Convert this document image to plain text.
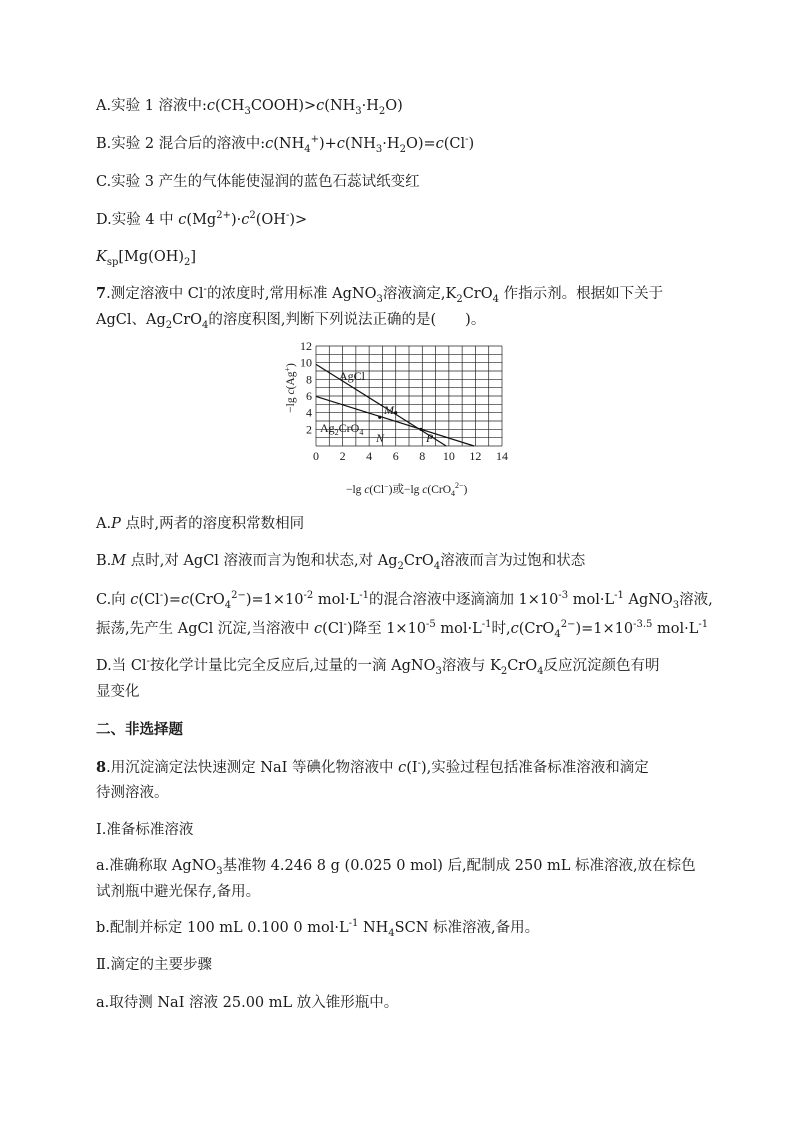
A.实验 1 溶液中$:c(CH_3COOH)>c(NH_3\cdot H_2O)$
B.实验 2 混合后的溶液中$:c(NH_4^+)+c(NH_3\cdot H_2O)=c(Cl^-)$
C.实验 3 产生的气体能使湿润的蓝色石蕊试纸变红
D.实验 4 中 $c(Mg^{2+})\cdot c^2(OH^-)>$
$K_{sp}[Mg(OH)_2]$
7.测定溶液中 Cl-的浓度时,常用标准 AgNO$_3$溶液滴定$,K_2CrO_4$ 作指示剂。根据如下关于
AgCl、$Ag_2CrO_4$的溶度积图,判断下列说法正确的是(　　)。
0 2 4 6 8 10 12 14
2
4
6
8
10
12
AgCl
$Ag_2CrO_4$
M
N	P
−lg c(Cl−)或−lg c(CrO$_4^{2-}$)
−lg c(Ag+)
A.P 点时,两者的溶度积常数相同
B.M 点时,对 AgCl 溶液而言为饱和状态,对 $Ag_2CrO_4$溶液而言为过饱和状态
C.向 $c(Cl^-)=c(CrO_4^{2-})=1\times 10^{-2}$ $mol\cdot L^{-1}$的混合溶液中逐滴滴加 $1\times 10^{-3}$ $mol\cdot L^{-1}$ AgNO$_3$溶液,
振荡,先产生 AgCl 沉淀,当溶液中 c(Cl-)降至 $1\times 10^{-5}$ $mol\cdot L^{-1}$时$,c(CrO_4^{2-})=1\times 10^{-3.5}$ $mol\cdot L^{-1}$
D.当 Cl-按化学计量比完全反应后,过量的一滴 AgNO$_3$溶液与 $K_2CrO_4$反应沉淀颜色有明
显变化
二、非选择题
8.用沉淀滴定法快速测定 NaI 等碘化物溶液中 c(I-),实验过程包括准备标准溶液和滴定
待测溶液。
Ⅰ.准备标准溶液
a.准确称取 AgNO$_3$基准物 4.246 8 g (0.025 0 mol) 后,配制成 250 mL 标准溶液,放在棕色
试剂瓶中避光保存,备用。
b.配制并标定 100 mL 0.100 0 $mol\cdot L^{-1}$ $NH_4SCN$ 标准溶液,备用。
Ⅱ.滴定的主要步骤
a.取待测 NaI 溶液 25.00 mL 放入锥形瓶中。
